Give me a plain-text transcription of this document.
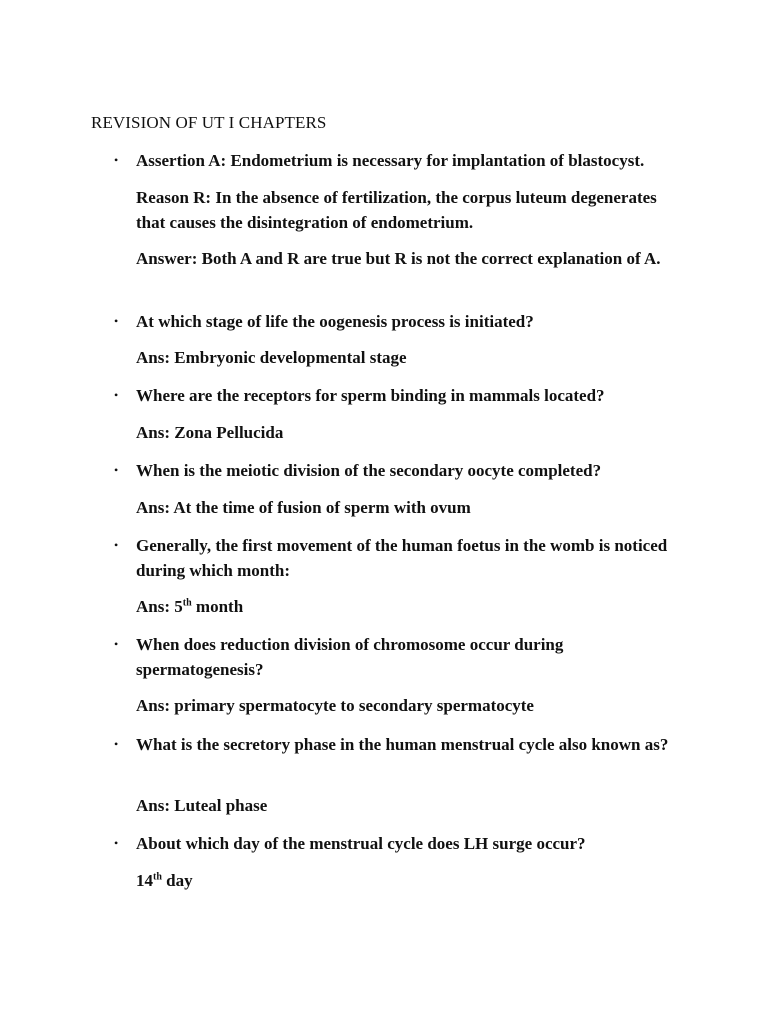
REVISION OF UT I CHAPTERS
• Assertion A: Endometrium is necessary for implantation of blastocyst.
Reason R: In the absence of fertilization, the corpus luteum degenerates that causes the disintegration of endometrium.
Answer: Both A and R are true but R is not the correct explanation of A.
• At which stage of life the oogenesis process is initiated?
Ans: Embryonic developmental stage
• Where are the receptors for sperm binding in mammals located?
Ans: Zona Pellucida
• When is the meiotic division of the secondary oocyte completed?
Ans: At the time of fusion of sperm with ovum
• Generally, the first movement of the human foetus in the womb is noticed during which month:
Ans: 5th month
• When does reduction division of chromosome occur during spermatogenesis?
Ans: primary spermatocyte to secondary spermatocyte
• What is the secretory phase in the human menstrual cycle also known as?
Ans: Luteal phase
• About which day of the menstrual cycle does LH surge occur?
14th day
